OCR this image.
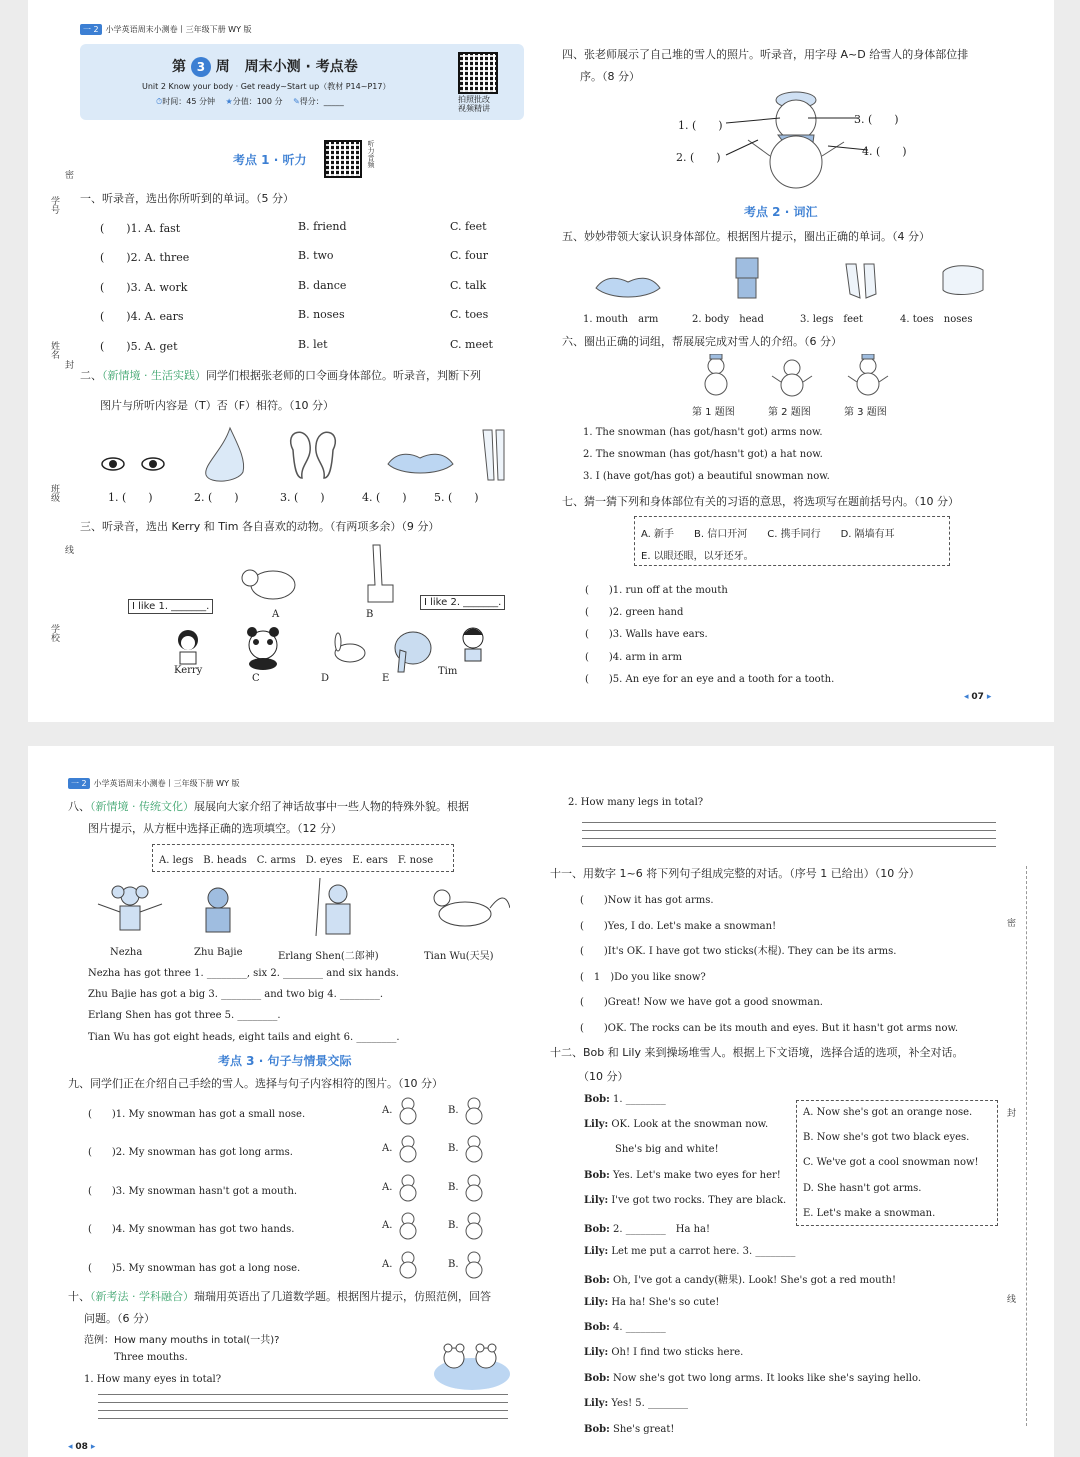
一 2 小学英语周末小测卷丨三年级下册 WY 版
第 3 周 周末小测 · 考点卷
Unit 2 Know your body · Get ready~Start up（教材 P14~P17）
⏱时间：45 分钟 ★分值：100 分 ✎得分：_____	拍照批改
视频精讲
学号
姓名
班级
学校
密
封
线
考点 1 · 听力	听力音频
一、听录音，选出你所听到的单词。（5 分）
(　　)1. A. fast	B. friend	C. feet
(　　)2. A. three	B. two	C. four
(　　)3. A. work	B. dance	C. talk
(　　)4. A. ears	B. noses	C. toes
(　　)5. A. get	B. let	C. meet
二、（新情境 · 生活实践）同学们根据张老师的口令画身体部位。听录音，判断下列
图片与所听内容是（T）否（F）相符。（10 分）
1. (　　)	2. (　　)	3. (　　)	4. (　　) 5. (　　)
三、听录音，选出 Kerry 和 Tim 各自喜欢的动物。（有两项多余）（9 分）
I like 1. _______.	I like 2. _______.
Kerry	Tim
A	B
C	D	E
四、张老师展示了自己堆的雪人的照片。听录音，用字母 A~D 给雪人的身体部位排
序。（8 分）
1. (　　)
2. (　　)
3. (　　)
4. (　　)
考点 2 · 词汇
五、妙妙带领大家认识身体部位。根据图片提示，圈出正确的单词。（4 分）
1. mouth　arm	2. body　head	3. legs　feet	4. toes　noses
六、圈出正确的词组，帮展展完成对雪人的介绍。（6 分）
第 1 题图	第 2 题图	第 3 题图
1. The snowman (has got/hasn't got) arms now.
2. The snowman (has got/hasn't got) a hat now.
3. I (have got/has got) a beautiful snowman now.
七、猜一猜下列和身体部位有关的习语的意思，将选项写在题前括号内。（10 分）
A. 新手　　B. 信口开河　　C. 携手同行　　D. 隔墙有耳
E. 以眼还眼，以牙还牙。
(　　)1. run off at the mouth
(　　)2. green hand
(　　)3. Walls have ears.
(　　)4. arm in arm
(　　)5. An eye for an eye and a tooth for a tooth.
◂ 07 ▸
一 2 小学英语周末小测卷丨三年级下册 WY 版
八、（新情境 · 传统文化）展展向大家介绍了神话故事中一些人物的特殊外貌。根据
图片提示，从方框中选择正确的选项填空。（12 分）
A. legs　B. heads　C. arms　D. eyes　E. ears　F. nose
Nezha	Zhu Bajie	Erlang Shen(二郎神)	Tian Wu(天吴)
Nezha has got three 1. ________, six 2. ________ and six hands.
Zhu Bajie has got a big 3. ________ and two big 4. ________.
Erlang Shen has got three 5. ________.
Tian Wu has got eight heads, eight tails and eight 6. ________.
考点 3 · 句子与情景交际
九、同学们正在介绍自己手绘的雪人。选择与句子内容相符的图片。（10 分）
(　　)1. My snowman has got a small nose.
(　　)2. My snowman has got long arms.
(　　)3. My snowman hasn't got a mouth.
(　　)4. My snowman has got two hands.
(　　)5. My snowman has got a long nose.
A.	B.
A.	B.
A.	B.
A.	B.
A.	B.
十、（新考法 · 学科融合）瑞瑞用英语出了几道数学题。根据图片提示，仿照范例，回答
问题。（6 分）
范例：How many mouths in total(一共)?
Three mouths.
1. How many eyes in total?
◂ 08 ▸
2. How many legs in total?
十一、用数字 1~6 将下列句子组成完整的对话。（序号 1 已给出）（10 分）
(　　)Now it has got arms.
(　　)Yes, I do. Let's make a snowman!
(　　)It's OK. I have got two sticks(木棍). They can be its arms.
(　1　)Do you like snow?
(　　)Great! Now we have got a good snowman.
(　　)OK. The rocks can be its mouth and eyes. But it hasn't got arms now.
十二、Bob 和 Lily 来到操场堆雪人。根据上下文语境，选择合适的选项，补全对话。
（10 分）
Bob: 1. ________
Lily: OK. Look at the snowman now.
She's big and white!
Bob: Yes. Let's make two eyes for her!
Lily: I've got two rocks. They are black.
Bob: 2. ________　Ha ha!
Lily: Let me put a carrot here. 3. ________
Bob: Oh, I've got a candy(糖果). Look! She's got a red mouth!
Lily: Ha ha! She's so cute!
Bob: 4. ________
Lily: Oh! I find two sticks here.
Bob: Now she's got two long arms. It looks like she's saying hello.
Lily: Yes! 5. ________
Bob: She's great!
A. Now she's got an orange nose.
B. Now she's got two black eyes.
C. We've got a cool snowman now!
D. She hasn't got arms.
E. Let's make a snowman.
密
封
线
